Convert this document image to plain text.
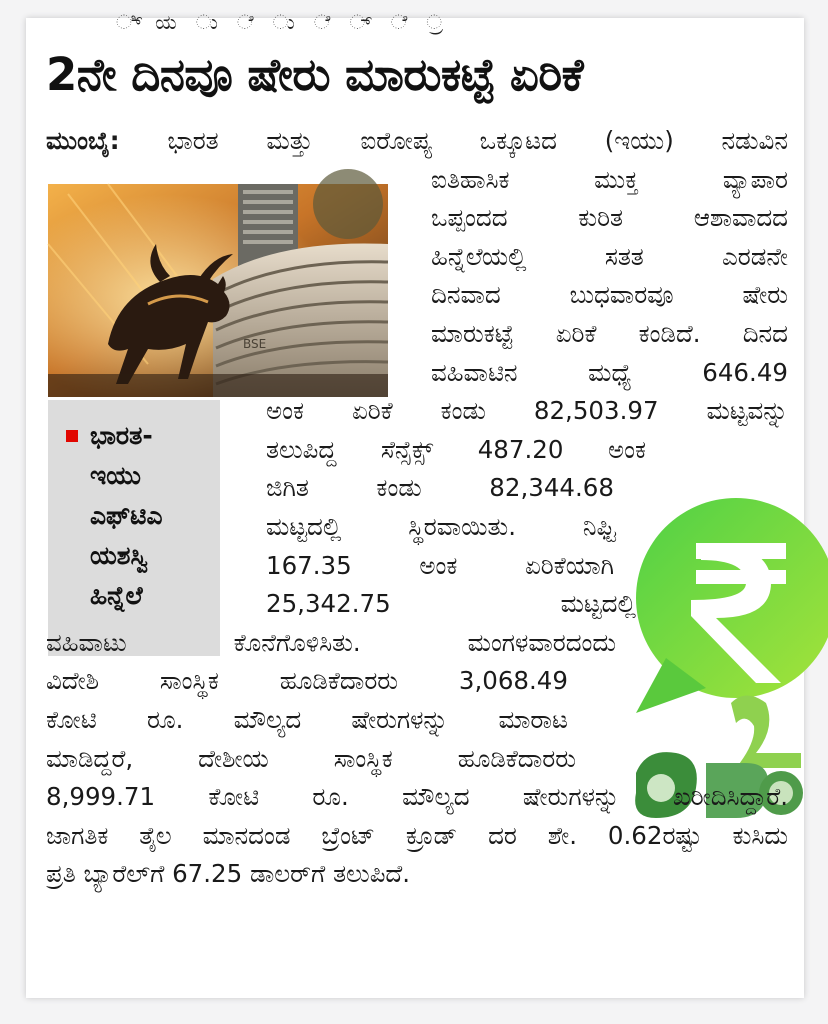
ಿ್ಯ ು ೆ ು ೆ ್ ೆ ್ರ
2ನೇ ದಿನವೂ ಷೇರು ಮಾರುಕಟ್ಟೆ ಏರಿಕೆ
BSE
ಭಾರತ-
ಇಯು
ಎಫ್‌ಟಿಎ
ಯಶಸ್ವಿ
ಹಿನ್ನೆಲೆ
ಮುಂಬೈ: ಭಾರತ ಮತ್ತು ಐರೋಪ್ಯ ಒಕ್ಕೂಟದ (ಇಯು) ನಡುವಿನ
ಐತಿಹಾಸಿಕ ಮುಕ್ತ ವ್ಯಾಪಾರ
ಒಪ್ಪಂದದ ಕುರಿತ ಆಶಾವಾದದ
ಹಿನ್ನೆಲೆಯಲ್ಲಿ ಸತತ ಎರಡನೇ
ದಿನವಾದ ಬುಧವಾರವೂ ಷೇರು
ಮಾರುಕಟ್ಟೆ ಏರಿಕೆ ಕಂಡಿದೆ. ದಿನದ
ವಹಿವಾಟಿನ ಮಧ್ಯೆ 646.49
ಅಂಕ ಏರಿಕೆ ಕಂಡು 82,503.97 ಮಟ್ಟವನ್ನು
ತಲುಪಿದ್ದ ಸೆನ್ಸೆಕ್ಸ್ 487.20 ಅಂಕ
ಜಿಗಿತ ಕಂಡು 82,344.68
ಮಟ್ಟದಲ್ಲಿ ಸ್ಥಿರವಾಯಿತು. ನಿಫ್ಟಿ
167.35 ಅಂಕ ಏರಿಕೆಯಾಗಿ
25,342.75 ಮಟ್ಟದಲ್ಲಿ
ವಹಿವಾಟು ಕೊನೆಗೊಳಿಸಿತು. ಮಂಗಳವಾರದಂದು
ವಿದೇಶಿ ಸಾಂಸ್ಥಿಕ ಹೂಡಿಕೆದಾರರು 3,068.49
ಕೋಟಿ ರೂ. ಮೌಲ್ಯದ ಷೇರುಗಳನ್ನು ಮಾರಾಟ
ಮಾಡಿದ್ದರೆ, ದೇಶೀಯ ಸಾಂಸ್ಥಿಕ ಹೂಡಿಕೆದಾರರು
8,999.71 ಕೋಟಿ ರೂ. ಮೌಲ್ಯದ ಷೇರುಗಳನ್ನು ಖರೀದಿಸಿದ್ದಾರೆ.
ಜಾಗತಿಕ ತೈಲ ಮಾನದಂಡ ಬ್ರೆಂಟ್ ಕ್ರೂಡ್ ದರ ಶೇ. 0.62ರಷ್ಟು ಕುಸಿದು
ಪ್ರತಿ ಬ್ಯಾರೆಲ್‌ಗೆ 67.25 ಡಾಲರ್‌ಗೆ ತಲುಪಿದೆ.
